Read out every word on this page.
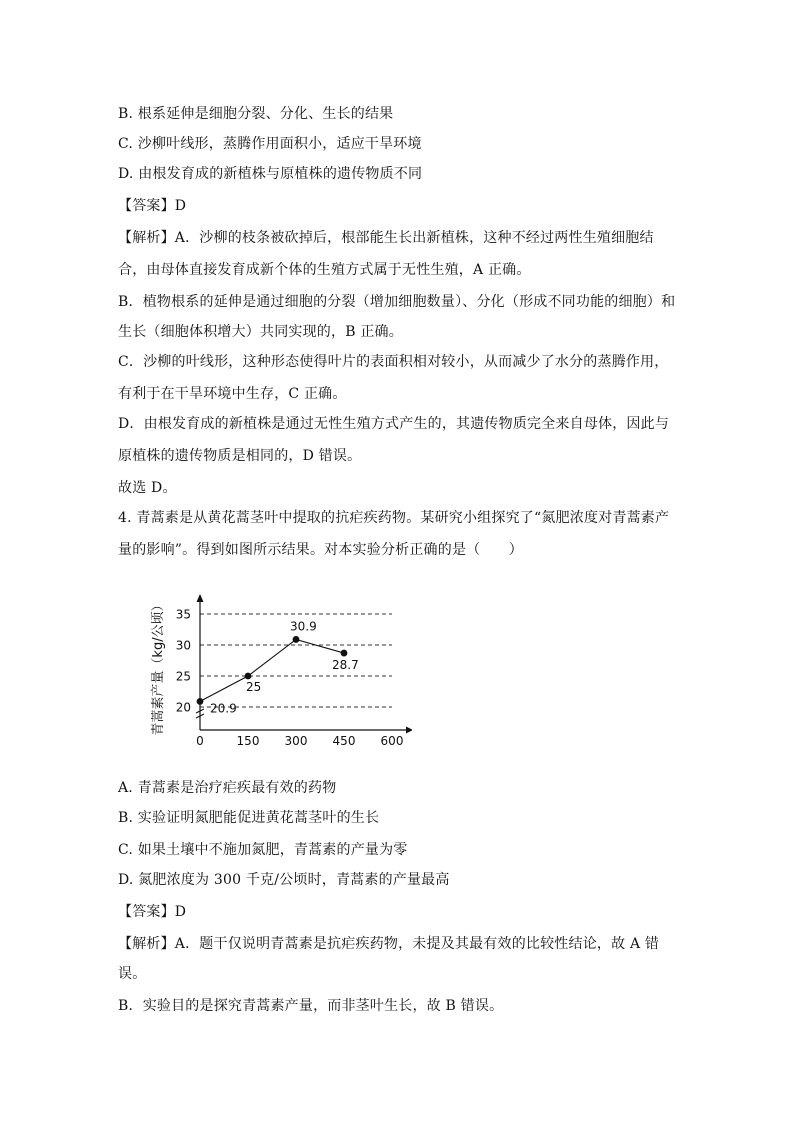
B. 根系延伸是细胞分裂、分化、生长的结果
C. 沙柳叶线形，蒸腾作用面积小，适应干旱环境
D. 由根发育成的新植株与原植株的遗传物质不同
【答案】D
【解析】A．沙柳的枝条被砍掉后，根部能生长出新植株，这种不经过两性生殖细胞结
合，由母体直接发育成新个体的生殖方式属于无性生殖，A 正确。
B．植物根系的延伸是通过细胞的分裂（增加细胞数量）、分化（形成不同功能的细胞）和
生长（细胞体积增大）共同实现的，B 正确。
C．沙柳的叶线形，这种形态使得叶片的表面积相对较小，从而减少了水分的蒸腾作用，
有利于在干旱环境中生存，C 正确。
D．由根发育成的新植株是通过无性生殖方式产生的，其遗传物质完全来自母体，因此与
原植株的遗传物质是相同的，D 错误。
故选 D。
4. 青蒿素是从黄花蒿茎叶中提取的抗疟疾药物。某研究小组探究了“氮肥浓度对青蒿素产
量的影响”。得到如图所示结果。对本实验分析正确的是（　　）
20
25
30
35
0	150 300 450 600
青蒿素产量（kg/公顷）	20.9
25
30.9
28.7
A. 青蒿素是治疗疟疾最有效的药物
B. 实验证明氮肥能促进黄花蒿茎叶的生长
C. 如果土壤中不施加氮肥，青蒿素的产量为零
D. 氮肥浓度为 300 千克/公顷时，青蒿素的产量最高
【答案】D
【解析】A．题干仅说明青蒿素是抗疟疾药物，未提及其最有效的比较性结论，故 A 错
误。
B．实验目的是探究青蒿素产量，而非茎叶生长，故 B 错误。
